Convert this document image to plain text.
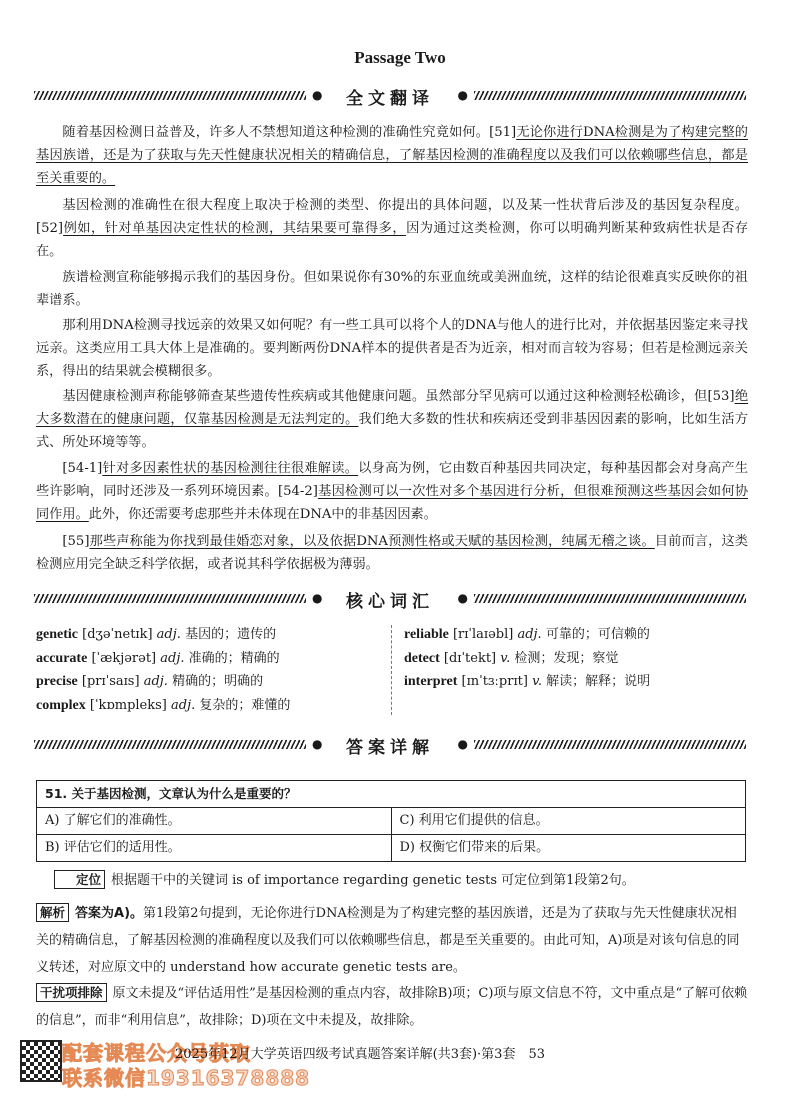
Passage Two
●	全文翻译	●

随着基因检测日益普及，许多人不禁想知道这种检测的准确性究竟如何。[51]无论你进行DNA检测是为了构建完整的基因族谱，还是为了获取与先天性健康状况相关的精确信息，了解基因检测的准确程度以及我们可以依赖哪些信息，都是至关重要的。

基因检测的准确性在很大程度上取决于检测的类型、你提出的具体问题，以及某一性状背后涉及的基因复杂程度。[52]例如，针对单基因决定性状的检测，其结果要可靠得多，因为通过这类检测，你可以明确判断某种致病性状是否存在。

族谱检测宣称能够揭示我们的基因身份。但如果说你有30%的东亚血统或美洲血统，这样的结论很难真实反映你的祖辈谱系。

那利用DNA检测寻找远亲的效果又如何呢？有一些工具可以将个人的DNA与他人的进行比对，并依据基因鉴定来寻找远亲。这类应用工具大体上是准确的。要判断两份DNA样本的提供者是否为近亲，相对而言较为容易；但若是检测远亲关系，得出的结果就会模糊很多。

基因健康检测声称能够筛查某些遗传性疾病或其他健康问题。虽然部分罕见病可以通过这种检测轻松确诊，但[53]绝大多数潜在的健康问题，仅靠基因检测是无法判定的。我们绝大多数的性状和疾病还受到非基因因素的影响，比如生活方式、所处环境等等。

[54-1]针对多因素性状的基因检测往往很难解读。以身高为例，它由数百种基因共同决定，每种基因都会对身高产生些许影响，同时还涉及一系列环境因素。[54-2]基因检测可以一次性对多个基因进行分析，但很难预测这些基因会如何协同作用。此外，你还需要考虑那些并未体现在DNA中的非基因因素。

[55]那些声称能为你找到最佳婚恋对象，以及依据DNA预测性格或天赋的基因检测，纯属无稽之谈。目前而言，这类检测应用完全缺乏科学依据，或者说其科学依据极为薄弱。

●	核心词汇	●
genetic [dʒəˈnetɪk] adj. 基因的；遗传的
accurate [ˈækjərət] adj. 准确的；精确的
precise [prɪˈsaɪs] adj. 精确的；明确的
complex [ˈkɒmpleks] adj. 复杂的；难懂的
reliable [rɪˈlaɪəbl] adj. 可靠的；可信赖的
detect [dɪˈtekt] v. 检测；发现；察觉
interpret [ɪnˈtɜːprɪt] v. 解读；解释；说明
●	答案详解	●
51. 关于基因检测，文章认为什么是重要的？
A) 了解它们的准确性。	C) 利用它们提供的信息。
B) 评估它们的适用性。	D) 权衡它们带来的后果。

定位 根据题干中的关键词 is of importance regarding genetic tests 可定位到第1段第2句。

解析 答案为A)。第1段第2句提到，无论你进行DNA检测是为了构建完整的基因族谱，还是为了获取与先天性健康状况相关的精确信息，了解基因检测的准确程度以及我们可以依赖哪些信息，都是至关重要的。由此可知，A)项是对该句信息的同义转述，对应原文中的 understand how accurate genetic tests are。

干扰项排除 原文未提及“评估适用性”是基因检测的重点内容，故排除B)项；C)项与原文信息不符，文中重点是“了解可依赖的信息”，而非“利用信息”，故排除；D)项在文中未提及，故排除。

配套课程公众号获取
联系微信19316378888
2025年12月大学英语四级考试真题答案详解(共3套)·第3套　53
